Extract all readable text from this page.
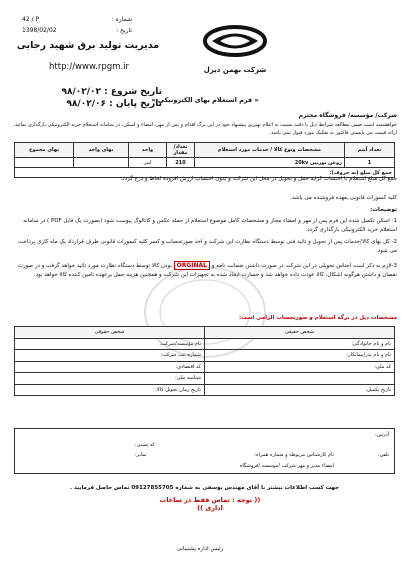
شماره :
42 / P
تاریخ :
1398/02/02
مدیریت تولید برق شهید رجایی
http://www.rpgm.ir	شرکت بهمن دیزل
تاریخ شروع : ۹۸/۰۲/۰۲
تاریخ پایان : ۹۸/۰۲/۰۶
« فرم استعلام بهای الکترونیکی »
شرکت/ مؤسسه/ فروشگاه محترم
خواهشمند است ضمن مطالعه شرایط ذیل با دقت نسبت به اعلام بهترین پیشنهاد خود در این برگ اقدام و پس از مهر، امضاء و اسکن، در سامانه استعلام خرید الکترونیکی بارگذاری نمائید. ارائه قیمت می بایستی فاکتور به تفکیک مورد قبول نمی باشد.
تعداد آیتم	مشخصات ونوع کالا / خدمات مورد استعلام	تعداد/ مقدار	واحد	بهای واحد	بهای مجموع
1	روغن توربین 20kv	210	لیتر		
جمع کل مبلغ (به حروف):					
جمع کل مبلغ استعلام با احتساب کرایه حمل و تحویل در محل این شرکت و بدون احتساب ارزش افزوده لحاظ و درج گردد.
کلیه کسورات قانونی بعهده فروشنده می باشد.
توضیحات:
1- اسکن تکمیل شده این فرم پس از مهر و امضاء مجاز و مشخصات کامل موضوع استعلام از جمله عکس و کاتالوگ پیوست شود (بصورت یک فایل PDF ) در سامانه استعلام خرید الکترونیکی بارگذاری گردد.
2- کل بهای کالا/خدمات پس از تحویل و تائید فنی توسط دستگاه نظارت این شرکت و اخذ صورتحساب و کسر کلیه کسورات قانونی طرف قرارداد یک ماه کاری پرداخت می شود.
3-لازم به ذکر است اجناس تحویلی در این شرکت در صورت داشتن ضمانت نامه و ORGINAL بودن کالا توسط دستگاه نظارت مورد تائید خواهد گرفت و در صورت نقصان و داشتن هرگونه اشکال، کالا عودت داده خواهد شد و خسارت ایجاد شده به تجهیزات این شرکت و همچنین هزینه حمل برعهده تامین کننده کالا خواهد بود.
مشخصات ذیل در برگه استعلام و صورتحساب الزامی است:
شخص حقیقی	شخص حقوقی
نام و نام خانوادگی:	نام مؤسسه/شرکت:
نام و نام پدر/پیمانکار:	شماره ثبت شرکت:
کد ملی:	کد اقتصادی:
	شناسه ملی:
تاریخ تکمیل:	تاریخ زمان تحویل کالا:
آدرس:
کد پستی:
تلفن:
نام کارشناس مربوطه و شماره همراه:
نمابر:
امضاء مدیر و مهر شرکت /موسسه /فروشگاه
جهت کسب اطلاعات بیشتر با آقای مهندس یوسفی به شماره 09127855705 تماس حاصل فرمایید .
(( توجه : تماس فقط در ساعات اداری ))
رئیس اداره پشتیبانی
